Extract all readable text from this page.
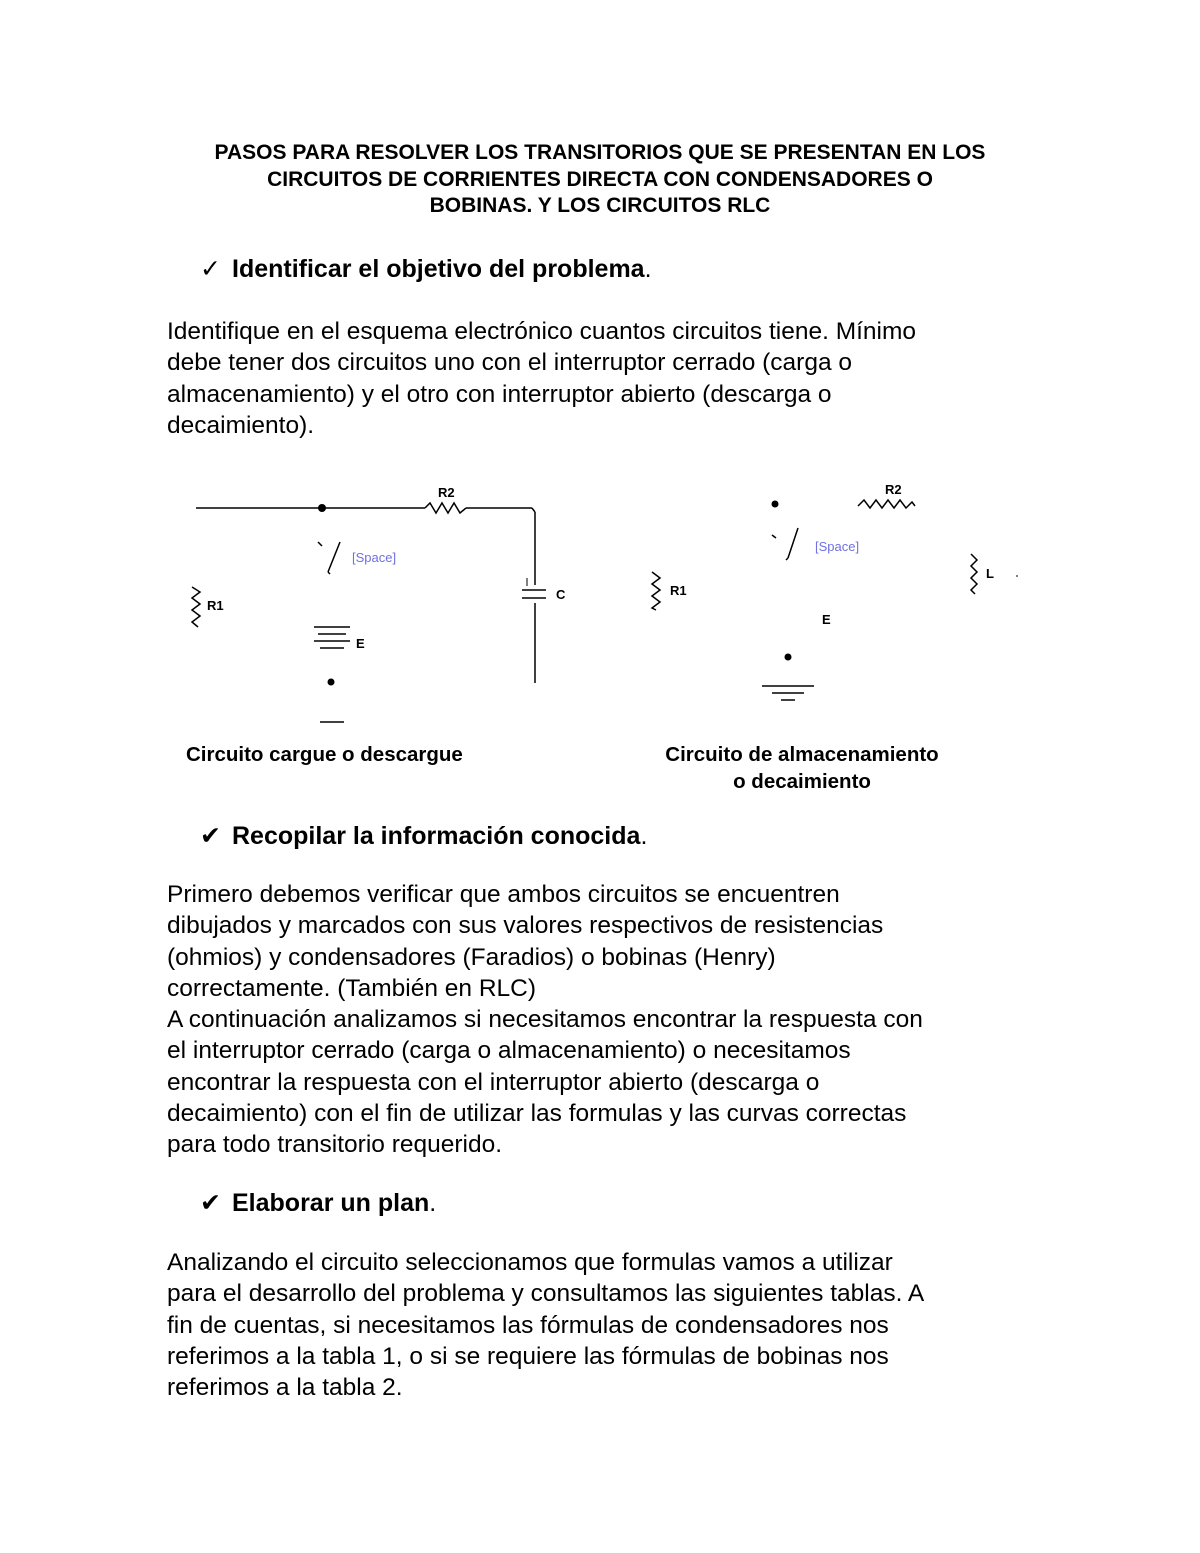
PASOS PARA RESOLVER LOS TRANSITORIOS QUE SE PRESENTAN EN LOS
CIRCUITOS DE CORRIENTES DIRECTA CON CONDENSADORES O
BOBINAS. Y LOS CIRCUITOS RLC
✓ Identificar el objetivo del problema.
Identifique en el esquema electrónico cuantos circuitos tiene. Mínimo
debe tener dos circuitos uno con el interruptor cerrado (carga o
almacenamiento) y el otro con interruptor abierto (descarga o
decaimiento).
R2
[Space]
R1
E
C
R2
[Space]
R1
E
L
Circuito cargue o descargue	Circuito de almacenamiento
o decaimiento
✔ Recopilar la información conocida.
Primero debemos verificar que ambos circuitos se encuentren
dibujados y marcados con sus valores respectivos de resistencias
(ohmios) y condensadores (Faradios) o bobinas (Henry)
correctamente. (También en RLC)
A continuación analizamos si necesitamos encontrar la respuesta con
el interruptor cerrado (carga o almacenamiento) o necesitamos
encontrar la respuesta con el interruptor abierto (descarga o
decaimiento) con el fin de utilizar las formulas y las curvas correctas
para todo transitorio requerido.
✔ Elaborar un plan.
Analizando el circuito seleccionamos que formulas vamos a utilizar
para el desarrollo del problema y consultamos las siguientes tablas. A
fin de cuentas, si necesitamos las fórmulas de condensadores nos
referimos a la tabla 1, o si se requiere las fórmulas de bobinas nos
referimos a la tabla 2.
